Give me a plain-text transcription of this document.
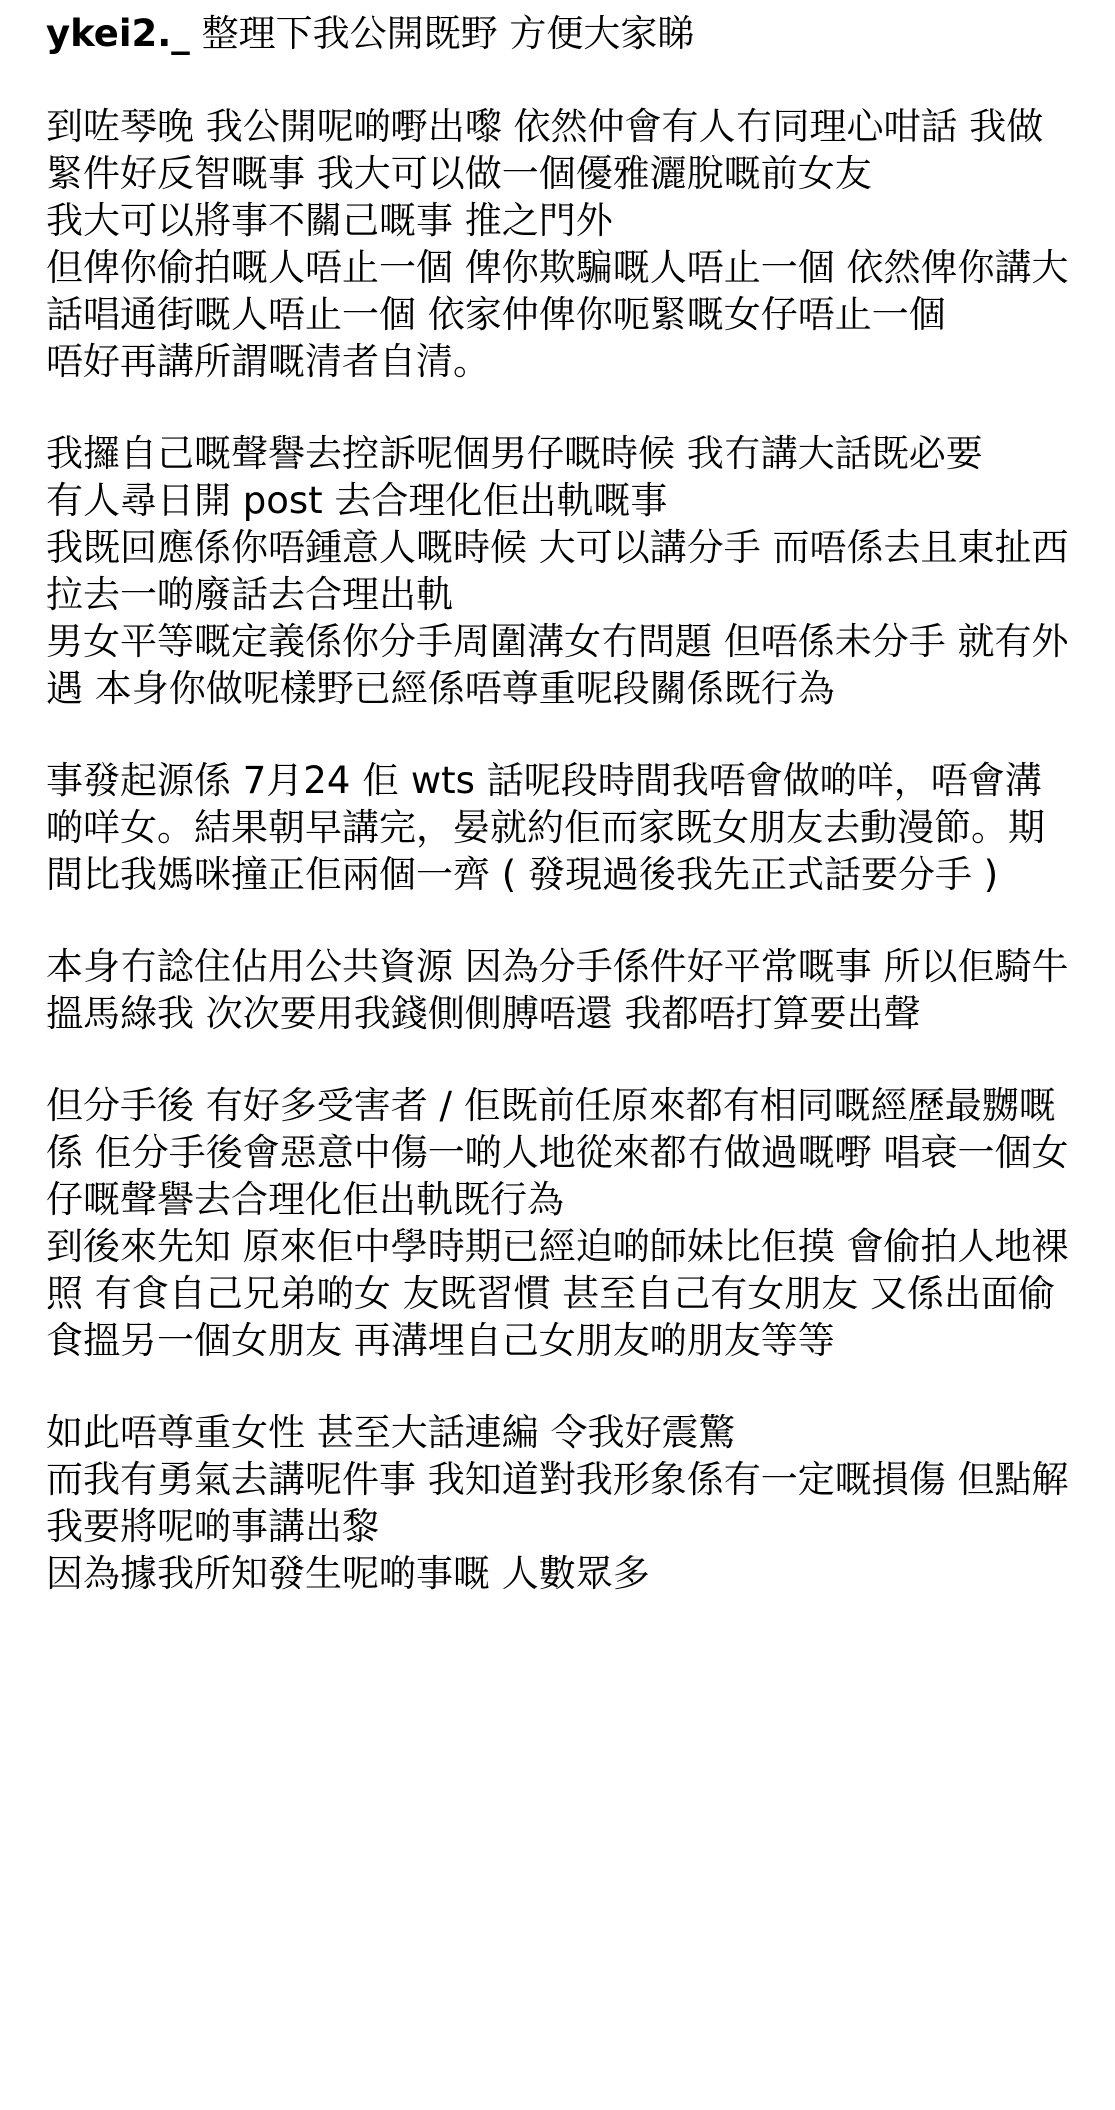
ykei2._ 整理下我公開既野 方便大家睇

到咗琴晚 我公開呢啲嘢出嚟 依然仲會有人冇同理心咁話 我做緊件好反智嘅事 我大可以做一個優雅灑脫嘅前女友

我大可以將事不關己嘅事 推之門外

但俾你偷拍嘅人唔止一個 俾你欺騙嘅人唔止一個 依然俾你講大話唱通街嘅人唔止一個 依家仲俾你呃緊嘅女仔唔止一個

唔好再講所謂嘅清者自清。

我攞自己嘅聲譽去控訴呢個男仔嘅時候 我冇講大話既必要

有人尋日開 post 去合理化佢出軌嘅事

我既回應係你唔鍾意人嘅時候 大可以講分手 而唔係去且東扯西拉去一啲廢話去合理出軌

男女平等嘅定義係你分手周圍溝女冇問題 但唔係未分手 就有外遇 本身你做呢樣野已經係唔尊重呢段關係既行為

事發起源係 7月24 佢 wts 話呢段時間我唔會做啲咩，唔會溝啲咩女。結果朝早講完，晏就約佢而家既女朋友去動漫節。期間比我媽咪撞正佢兩個一齊 ( 發現過後我先正式話要分手 )

本身冇諗住佔用公共資源 因為分手係件好平常嘅事 所以佢騎牛搵馬綠我 次次要用我錢側側膊唔還 我都唔打算要出聲

但分手後 有好多受害者 / 佢既前任原來都有相同嘅經歷最嬲嘅係 佢分手後會惡意中傷一啲人地從來都冇做過嘅嘢 唱衰一個女仔嘅聲譽去合理化佢出軌既行為

到後來先知 原來佢中學時期已經迫啲師妹比佢摸 會偷拍人地裸照 有食自己兄弟啲女 友既習慣 甚至自己有女朋友 又係出面偷食搵另一個女朋友 再溝埋自己女朋友啲朋友等等

如此唔尊重女性 甚至大話連編 令我好震驚

而我有勇氣去講呢件事 我知道對我形象係有一定嘅損傷 但點解我要將呢啲事講出黎

因為據我所知發生呢啲事嘅 人數眾多
